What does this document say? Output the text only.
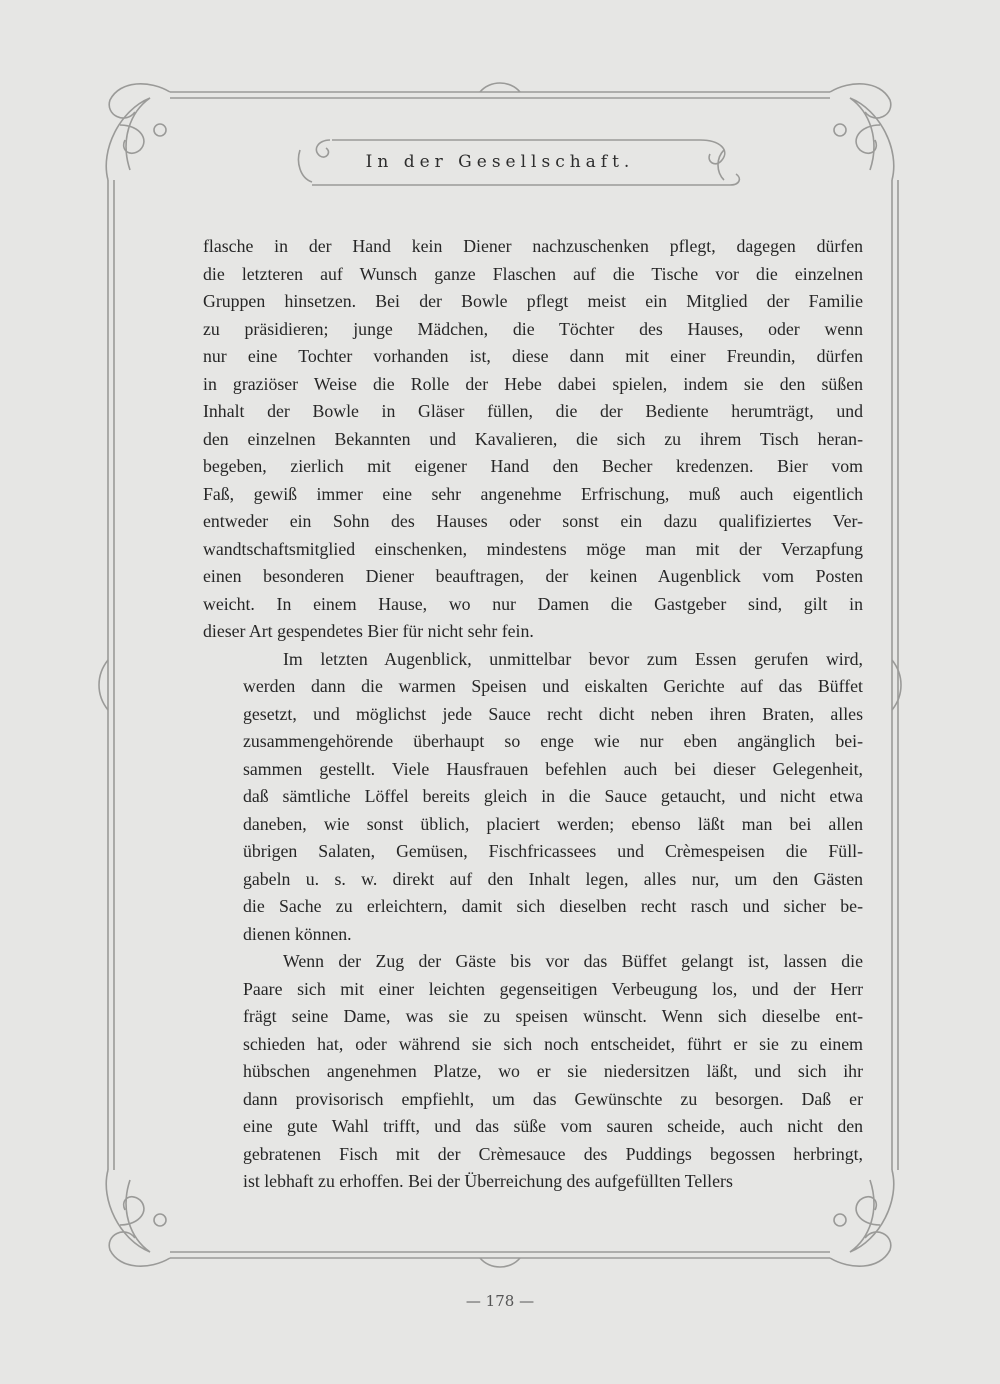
In der Gesellschaft.

flasche in der Hand kein Diener nachzuschenken pflegt, dagegen dürfen
die letzteren auf Wunsch ganze Flaschen auf die Tische vor die einzelnen
Gruppen hinsetzen. Bei der Bowle pflegt meist ein Mitglied der Familie
zu präsidieren; junge Mädchen, die Töchter des Hauses, oder wenn
nur eine Tochter vorhanden ist, diese dann mit einer Freundin, dürfen
in graziöser Weise die Rolle der Hebe dabei spielen, indem sie den süßen
Inhalt der Bowle in Gläser füllen, die der Bediente herumträgt, und
den einzelnen Bekannten und Kavalieren, die sich zu ihrem Tisch heran-
begeben, zierlich mit eigener Hand den Becher kredenzen. Bier vom
Faß, gewiß immer eine sehr angenehme Erfrischung, muß auch eigentlich
entweder ein Sohn des Hauses oder sonst ein dazu qualifiziertes Ver-
wandtschaftsmitglied einschenken, mindestens möge man mit der Verzapfung
einen besonderen Diener beauftragen, der keinen Augenblick vom Posten
weicht. In einem Hause, wo nur Damen die Gastgeber sind, gilt in
dieser Art gespendetes Bier für nicht sehr fein.

Im letzten Augenblick, unmittelbar bevor zum Essen gerufen wird,
werden dann die warmen Speisen und eiskalten Gerichte auf das Büffet
gesetzt, und möglichst jede Sauce recht dicht neben ihren Braten, alles
zusammengehörende überhaupt so enge wie nur eben angänglich bei-
sammen gestellt. Viele Hausfrauen befehlen auch bei dieser Gelegenheit,
daß sämtliche Löffel bereits gleich in die Sauce getaucht, und nicht etwa
daneben, wie sonst üblich, placiert werden; ebenso läßt man bei allen
übrigen Salaten, Gemüsen, Fischfricassees und Crèmespeisen die Füll-
gabeln u. s. w. direkt auf den Inhalt legen, alles nur, um den Gästen
die Sache zu erleichtern, damit sich dieselben recht rasch und sicher be-
dienen können.

Wenn der Zug der Gäste bis vor das Büffet gelangt ist, lassen die
Paare sich mit einer leichten gegenseitigen Verbeugung los, und der Herr
frägt seine Dame, was sie zu speisen wünscht. Wenn sich dieselbe ent-
schieden hat, oder während sie sich noch entscheidet, führt er sie zu einem
hübschen angenehmen Platze, wo er sie niedersitzen läßt, und sich ihr
dann provisorisch empfiehlt, um das Gewünschte zu besorgen. Daß er
eine gute Wahl trifft, und das süße vom sauren scheide, auch nicht den
gebratenen Fisch mit der Crèmesauce des Puddings begossen herbringt,
ist lebhaft zu erhoffen. Bei der Überreichung des aufgefüllten Tellers

— 178 —
